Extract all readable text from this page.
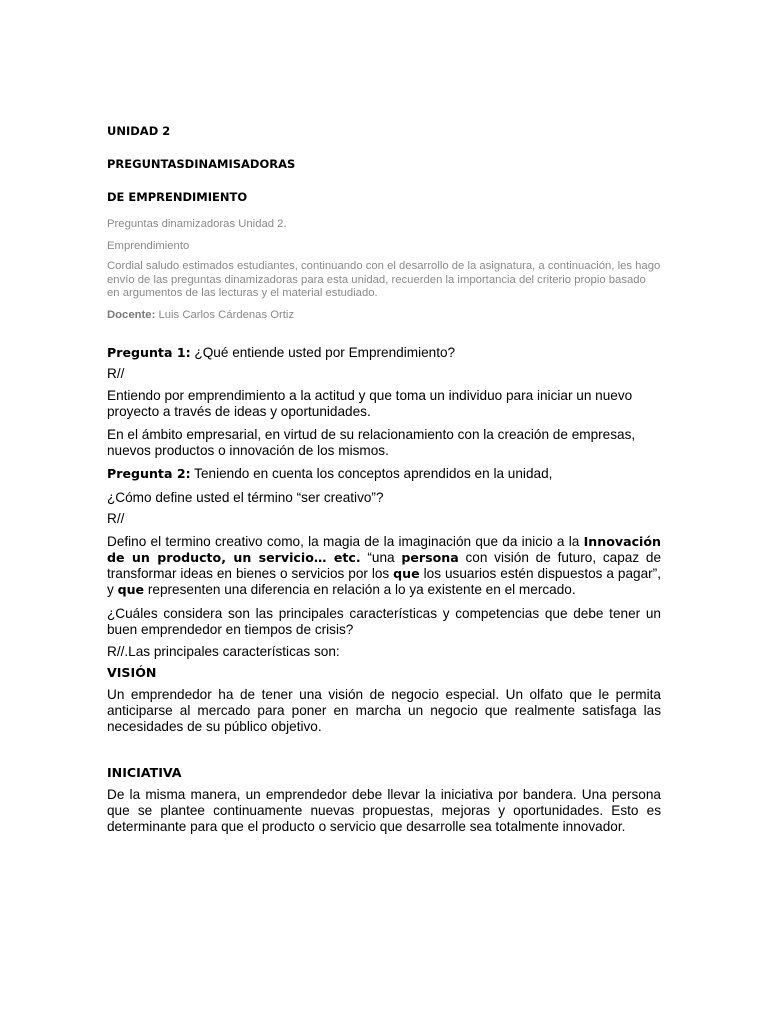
UNIDAD 2

PREGUNTASDINAMISADORAS

DE EMPRENDIMIENTO

Preguntas dinamizadoras Unidad 2.

Emprendimiento

Cordial saludo estimados estudiantes, continuando con el desarrollo de la asignatura, a continuación, les hago envío de las preguntas dinamizadoras para esta unidad, recuerden la importancia del criterio propio basado en argumentos de las lecturas y el material estudiado.

Docente: Luis Carlos Cárdenas Ortiz

Pregunta 1: ¿Qué entiende usted por Emprendimiento?

R//

Entiendo por emprendimiento a la actitud y que toma un individuo para iniciar un nuevo proyecto a través de ideas y oportunidades.

En el ámbito empresarial, en virtud de su relacionamiento con la creación de empresas, nuevos productos o innovación de los mismos.

Pregunta 2: Teniendo en cuenta los conceptos aprendidos en la unidad,

¿Cómo define usted el término “ser creativo”?

R//

Defino el termino creativo como, la magia de la imaginación que da inicio a la Innovación de un producto, un servicio… etc. “una persona con visión de futuro, capaz de transformar ideas en bienes o servicios por los que los usuarios estén dispuestos a pagar”, y que representen una diferencia en relación a lo ya existente en el mercado.

¿Cuáles considera son las principales características y competencias que debe tener un buen emprendedor en tiempos de crisis?

R//.Las principales características son:

VISIÓN

Un emprendedor ha de tener una visión de negocio especial. Un olfato que le permita anticiparse al mercado para poner en marcha un negocio que realmente satisfaga las necesidades de su público objetivo.

INICIATIVA

De la misma manera, un emprendedor debe llevar la iniciativa por bandera. Una persona que se plantee continuamente nuevas propuestas, mejoras y oportunidades. Esto es determinante para que el producto o servicio que desarrolle sea totalmente innovador.
